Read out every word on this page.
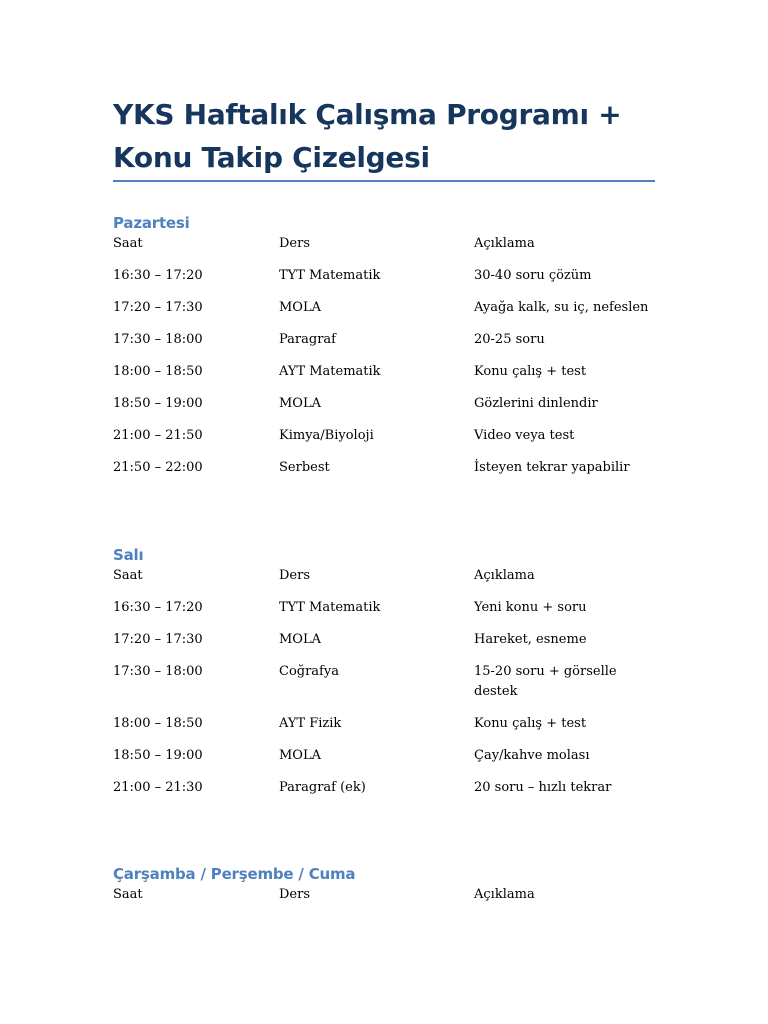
YKS Haftalık Çalışma Programı + Konu Takip Çizelgesi
Pazartesi
Saat	Ders	Açıklama
16:30 – 17:20	TYT Matematik	30-40 soru çözüm
17:20 – 17:30	MOLA	Ayağa kalk, su iç, nefeslen
17:30 – 18:00	Paragraf	20-25 soru
18:00 – 18:50	AYT Matematik	Konu çalış + test
18:50 – 19:00	MOLA	Gözlerini dinlendir
21:00 – 21:50	Kimya/Biyoloji	Video veya test
21:50 – 22:00	Serbest	İsteyen tekrar yapabilir
Salı
Saat	Ders	Açıklama
16:30 – 17:20	TYT Matematik	Yeni konu + soru
17:20 – 17:30	MOLA	Hareket, esneme
17:30 – 18:00	Coğrafya	15-20 soru + görselle destek
18:00 – 18:50	AYT Fizik	Konu çalış + test
18:50 – 19:00	MOLA	Çay/kahve molası
21:00 – 21:30	Paragraf (ek)	20 soru – hızlı tekrar
Çarşamba / Perşembe / Cuma
Saat	Ders	Açıklama
